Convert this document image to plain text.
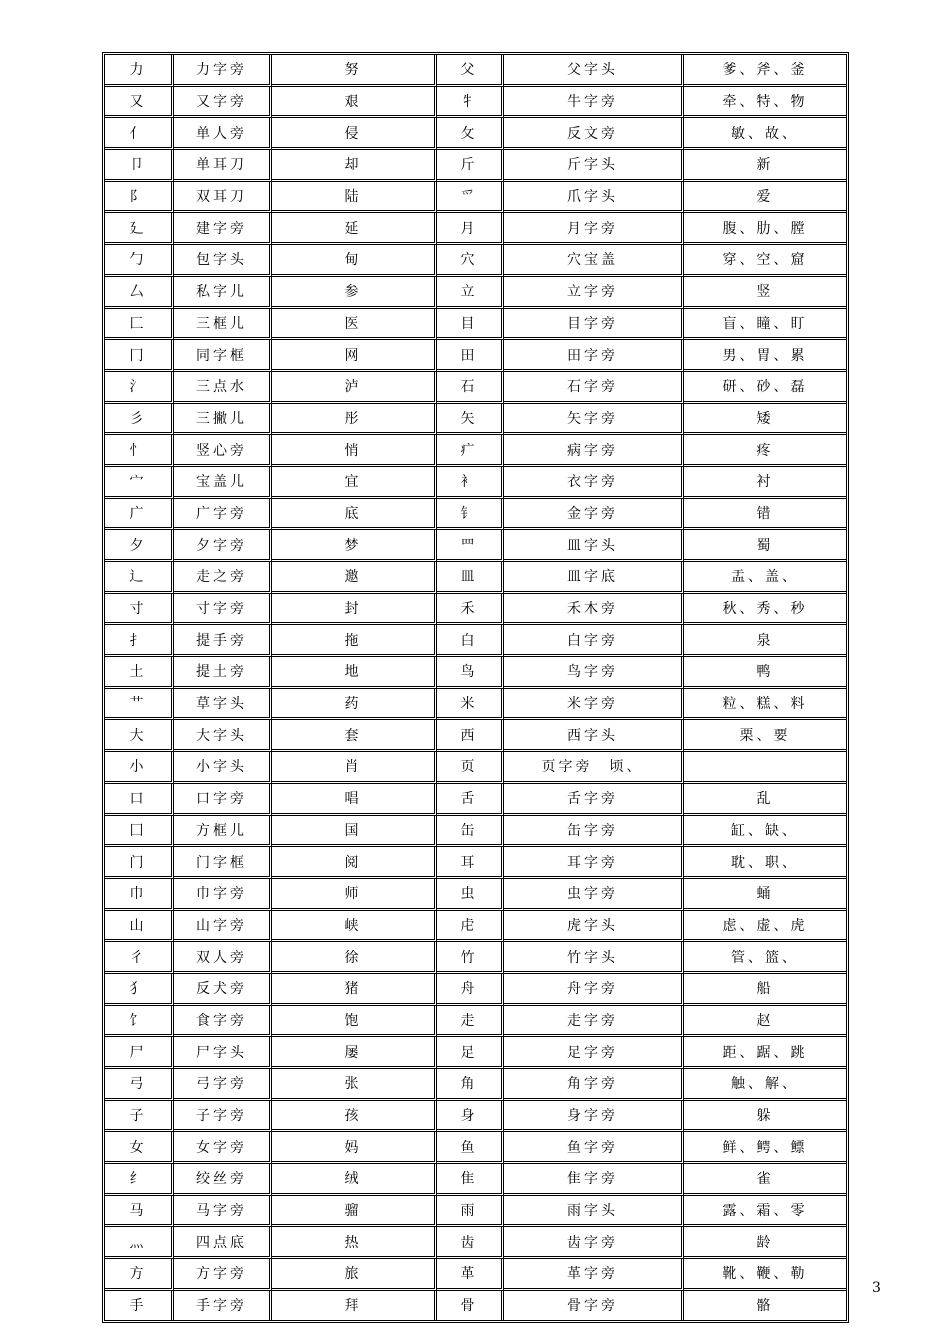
力	力字旁	努	父	父字头	爹、斧、釜
又	又字旁	艰	牜	牛字旁	牵、特、物
亻	单人旁	侵	攵	反文旁	敏、故、
卩	单耳刀	却	斤	斤字头	新
阝	双耳刀	陆	爫	爪字头	爱
廴	建字旁	延	月	月字旁	腹、肋、膛
勹	包字头	甸	穴	穴宝盖	穿、空、窟
厶	私字儿	参	立	立字旁	竖
匚	三框儿	医	目	目字旁	盲、瞳、盯
冂	同字框	网	田	田字旁	男、胃、累
氵	三点水	泸	石	石字旁	研、砂、磊
彡	三撇儿	彤	矢	矢字旁	矮
忄	竖心旁	悄	疒	病字旁	疼
宀	宝盖儿	宜	衤	衣字旁	衬
广	广字旁	底	钅	金字旁	错
夕	夕字旁	梦	罒	皿字头	蜀
辶	走之旁	邀	皿	皿字底	盂、盖、
寸	寸字旁	封	禾	禾木旁	秋、秀、秒
扌	提手旁	拖	白	白字旁	泉
土	提土旁	地	鸟	鸟字旁	鸭
艹	草字头	药	米	米字旁	粒、糕、料
大	大字头	套	西	西字头	栗、要
小	小字头	肖	页	页字旁　顷、	
口	口字旁	唱	舌	舌字旁	乱
囗	方框儿	国	缶	缶字旁	缸、缺、
门	门字框	阅	耳	耳字旁	耽、职、
巾	巾字旁	师	虫	虫字旁	蛹
山	山字旁	峡	虍	虎字头	虑、虚、虎
彳	双人旁	徐	竹	竹字头	管、篮、
犭	反犬旁	猪	舟	舟字旁	船
饣	食字旁	饱	走	走字旁	赵
尸	尸字头	屡	足	足字旁	距、踞、跳
弓	弓字旁	张	角	角字旁	触、解、
子	子字旁	孩	身	身字旁	躲
女	女字旁	妈	鱼	鱼字旁	鲜、鳄、鳔
纟	绞丝旁	绒	隹	隹字旁	雀
马	马字旁	骝	雨	雨字头	露、霜、零
灬	四点底	热	齿	齿字旁	龄
方	方字旁	旅	革	革字旁	靴、鞭、勒
手	手字旁	拜	骨	骨字旁	骼
3
